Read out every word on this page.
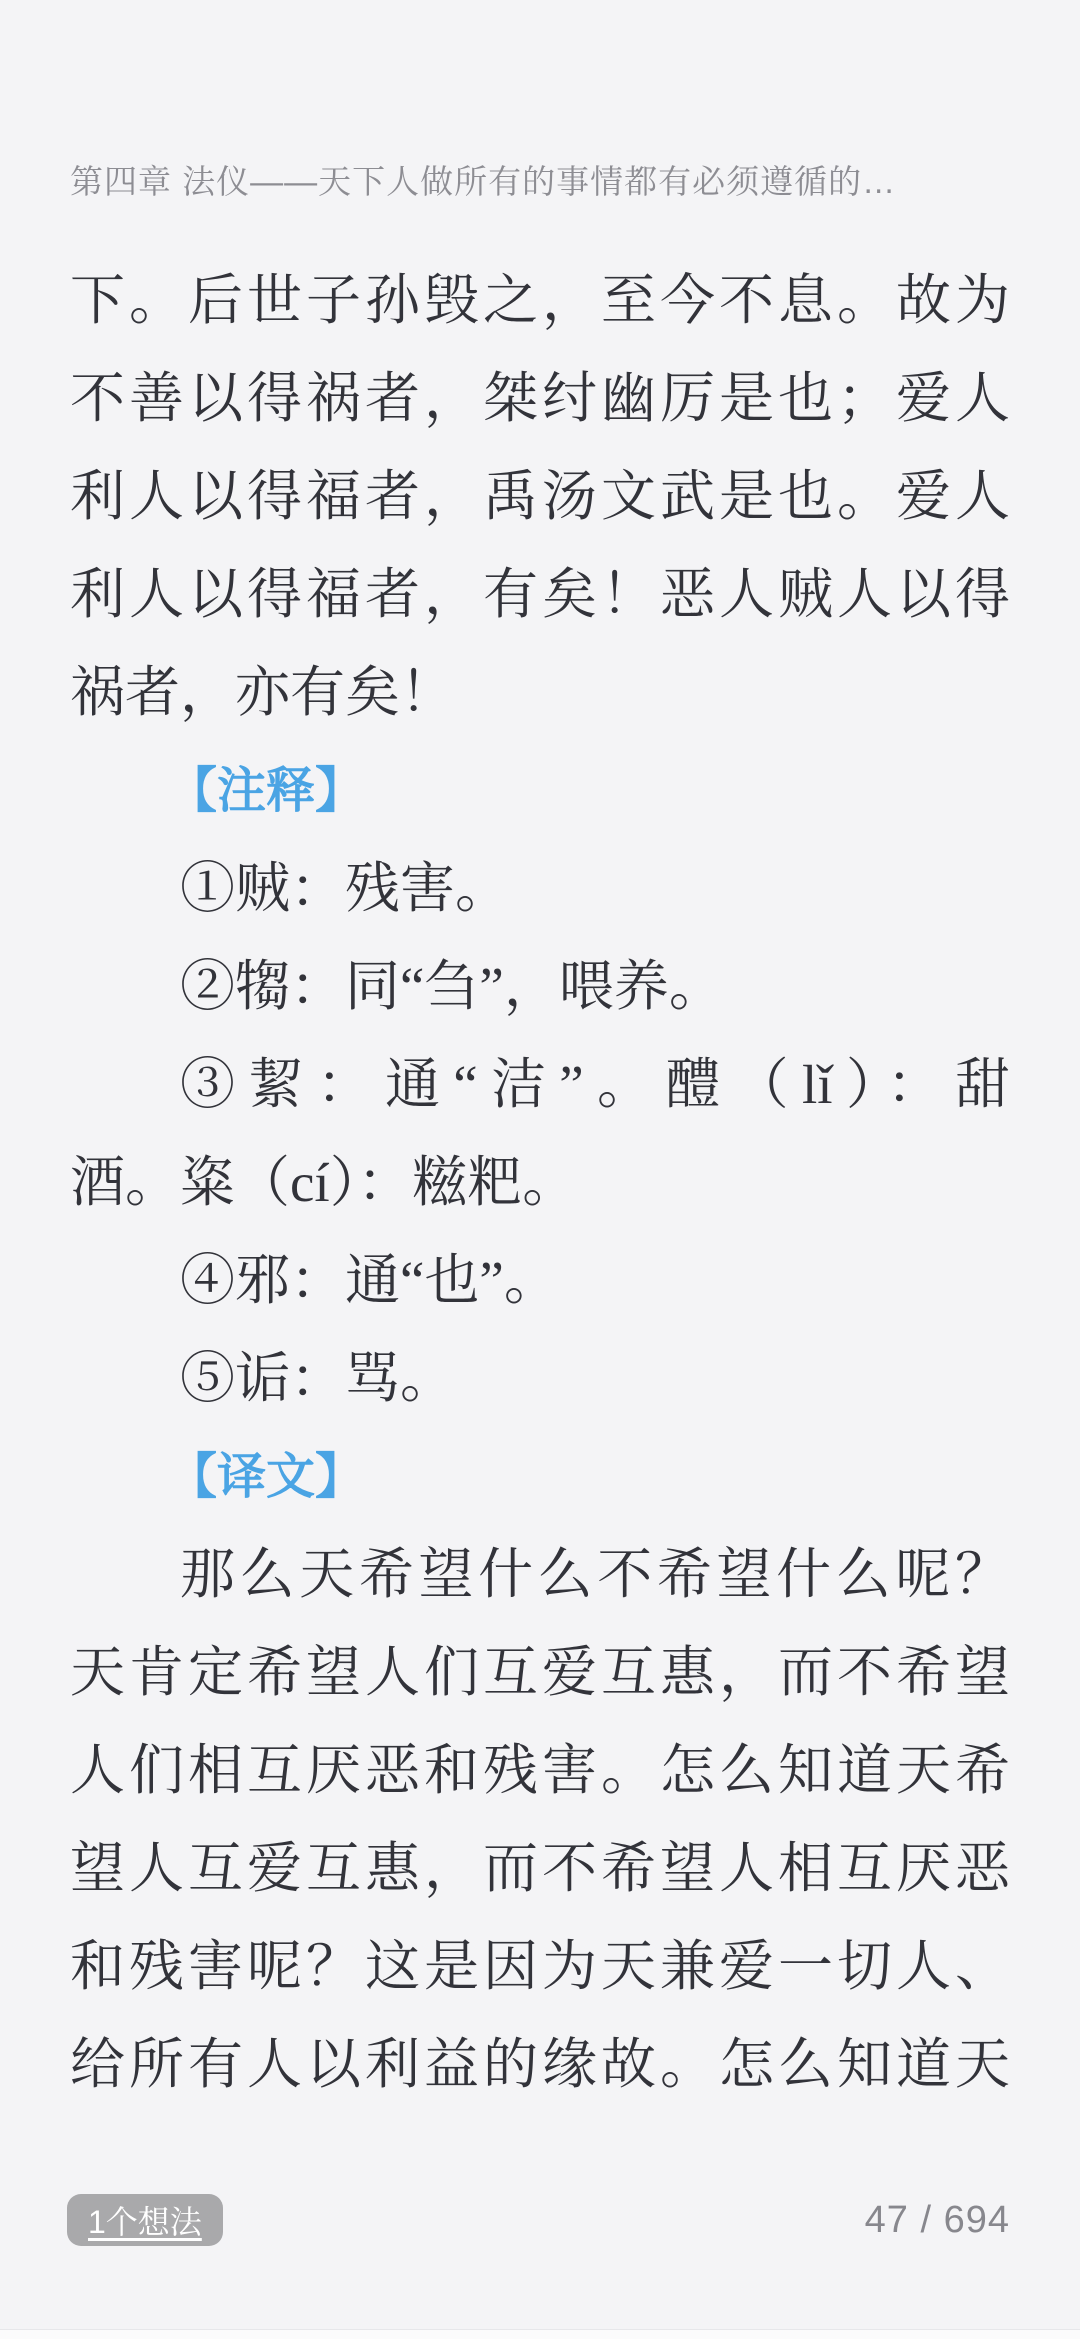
第四章 法仪——天下人做所有的事情都有必须遵循的…
下。后世子孙毁之，至今不息。故为
不善以得祸者，桀纣幽厉是也；爱人
利人以得福者，禹汤文武是也。爱人
利人以得福者，有矣！恶人贼人以得
祸者，亦有矣！
【注释】
①贼：残害。
②犓：同“刍”，喂养。
③絜：通“洁”。醴（lǐ）：甜
酒。粢（cí）：糍粑。
④邪：通“也”。
⑤诟：骂。
【译文】
那么天希望什么不希望什么呢？
天肯定希望人们互爱互惠，而不希望
人们相互厌恶和残害。怎么知道天希
望人互爱互惠，而不希望人相互厌恶
和残害呢？这是因为天兼爱一切人、
给所有人以利益的缘故。怎么知道天
1个想法	47 / 694
